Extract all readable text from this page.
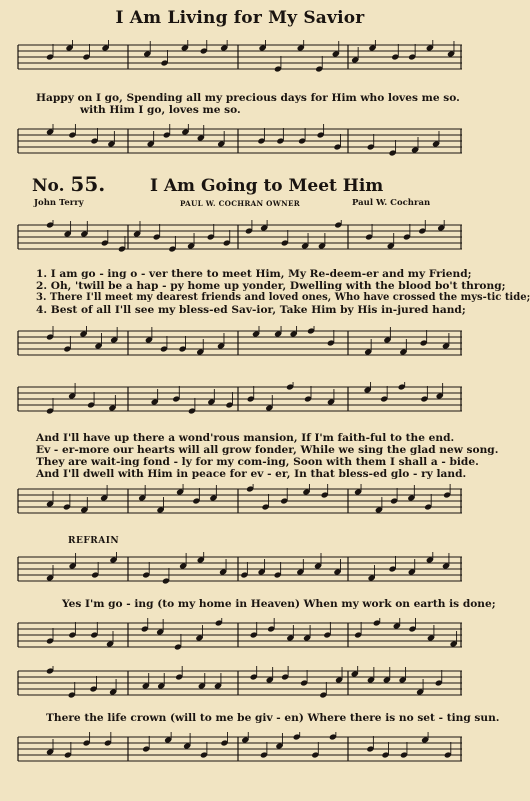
I Am Living for My Savior
Happy on I go, Spending all my precious days for Him who loves me so.
with Him I go, loves me so.
No. 55.	I Am Going to Meet Him
John Terry	PAUL W. COCHRAN OWNER	Paul W. Cochran
1. I am go - ing o - ver there to meet Him, My Re-deem-er and my Friend;
2. Oh, 'twill be a hap - py home up yonder, Dwelling with the blood bo't throng;
3. There I'll meet my dearest friends and loved ones, Who have crossed the mys-tic tide;
4. Best of all I'll see my bless-ed Sav-ior, Take Him by His in-jured hand;
And I'll have up there a wond'rous mansion, If I'm faith-ful to the end.
Ev - er-more our hearts will all grow fonder, While we sing the glad new song.
They are wait-ing fond - ly for my com-ing, Soon with them I shall a - bide.
And I'll dwell with Him in peace for ev - er, In that bless-ed glo - ry land.
REFRAIN
Yes I'm go - ing (to my home in Heaven) When my work on earth is done;
There the life crown (will to me be giv - en) Where there is no set - ting sun.
